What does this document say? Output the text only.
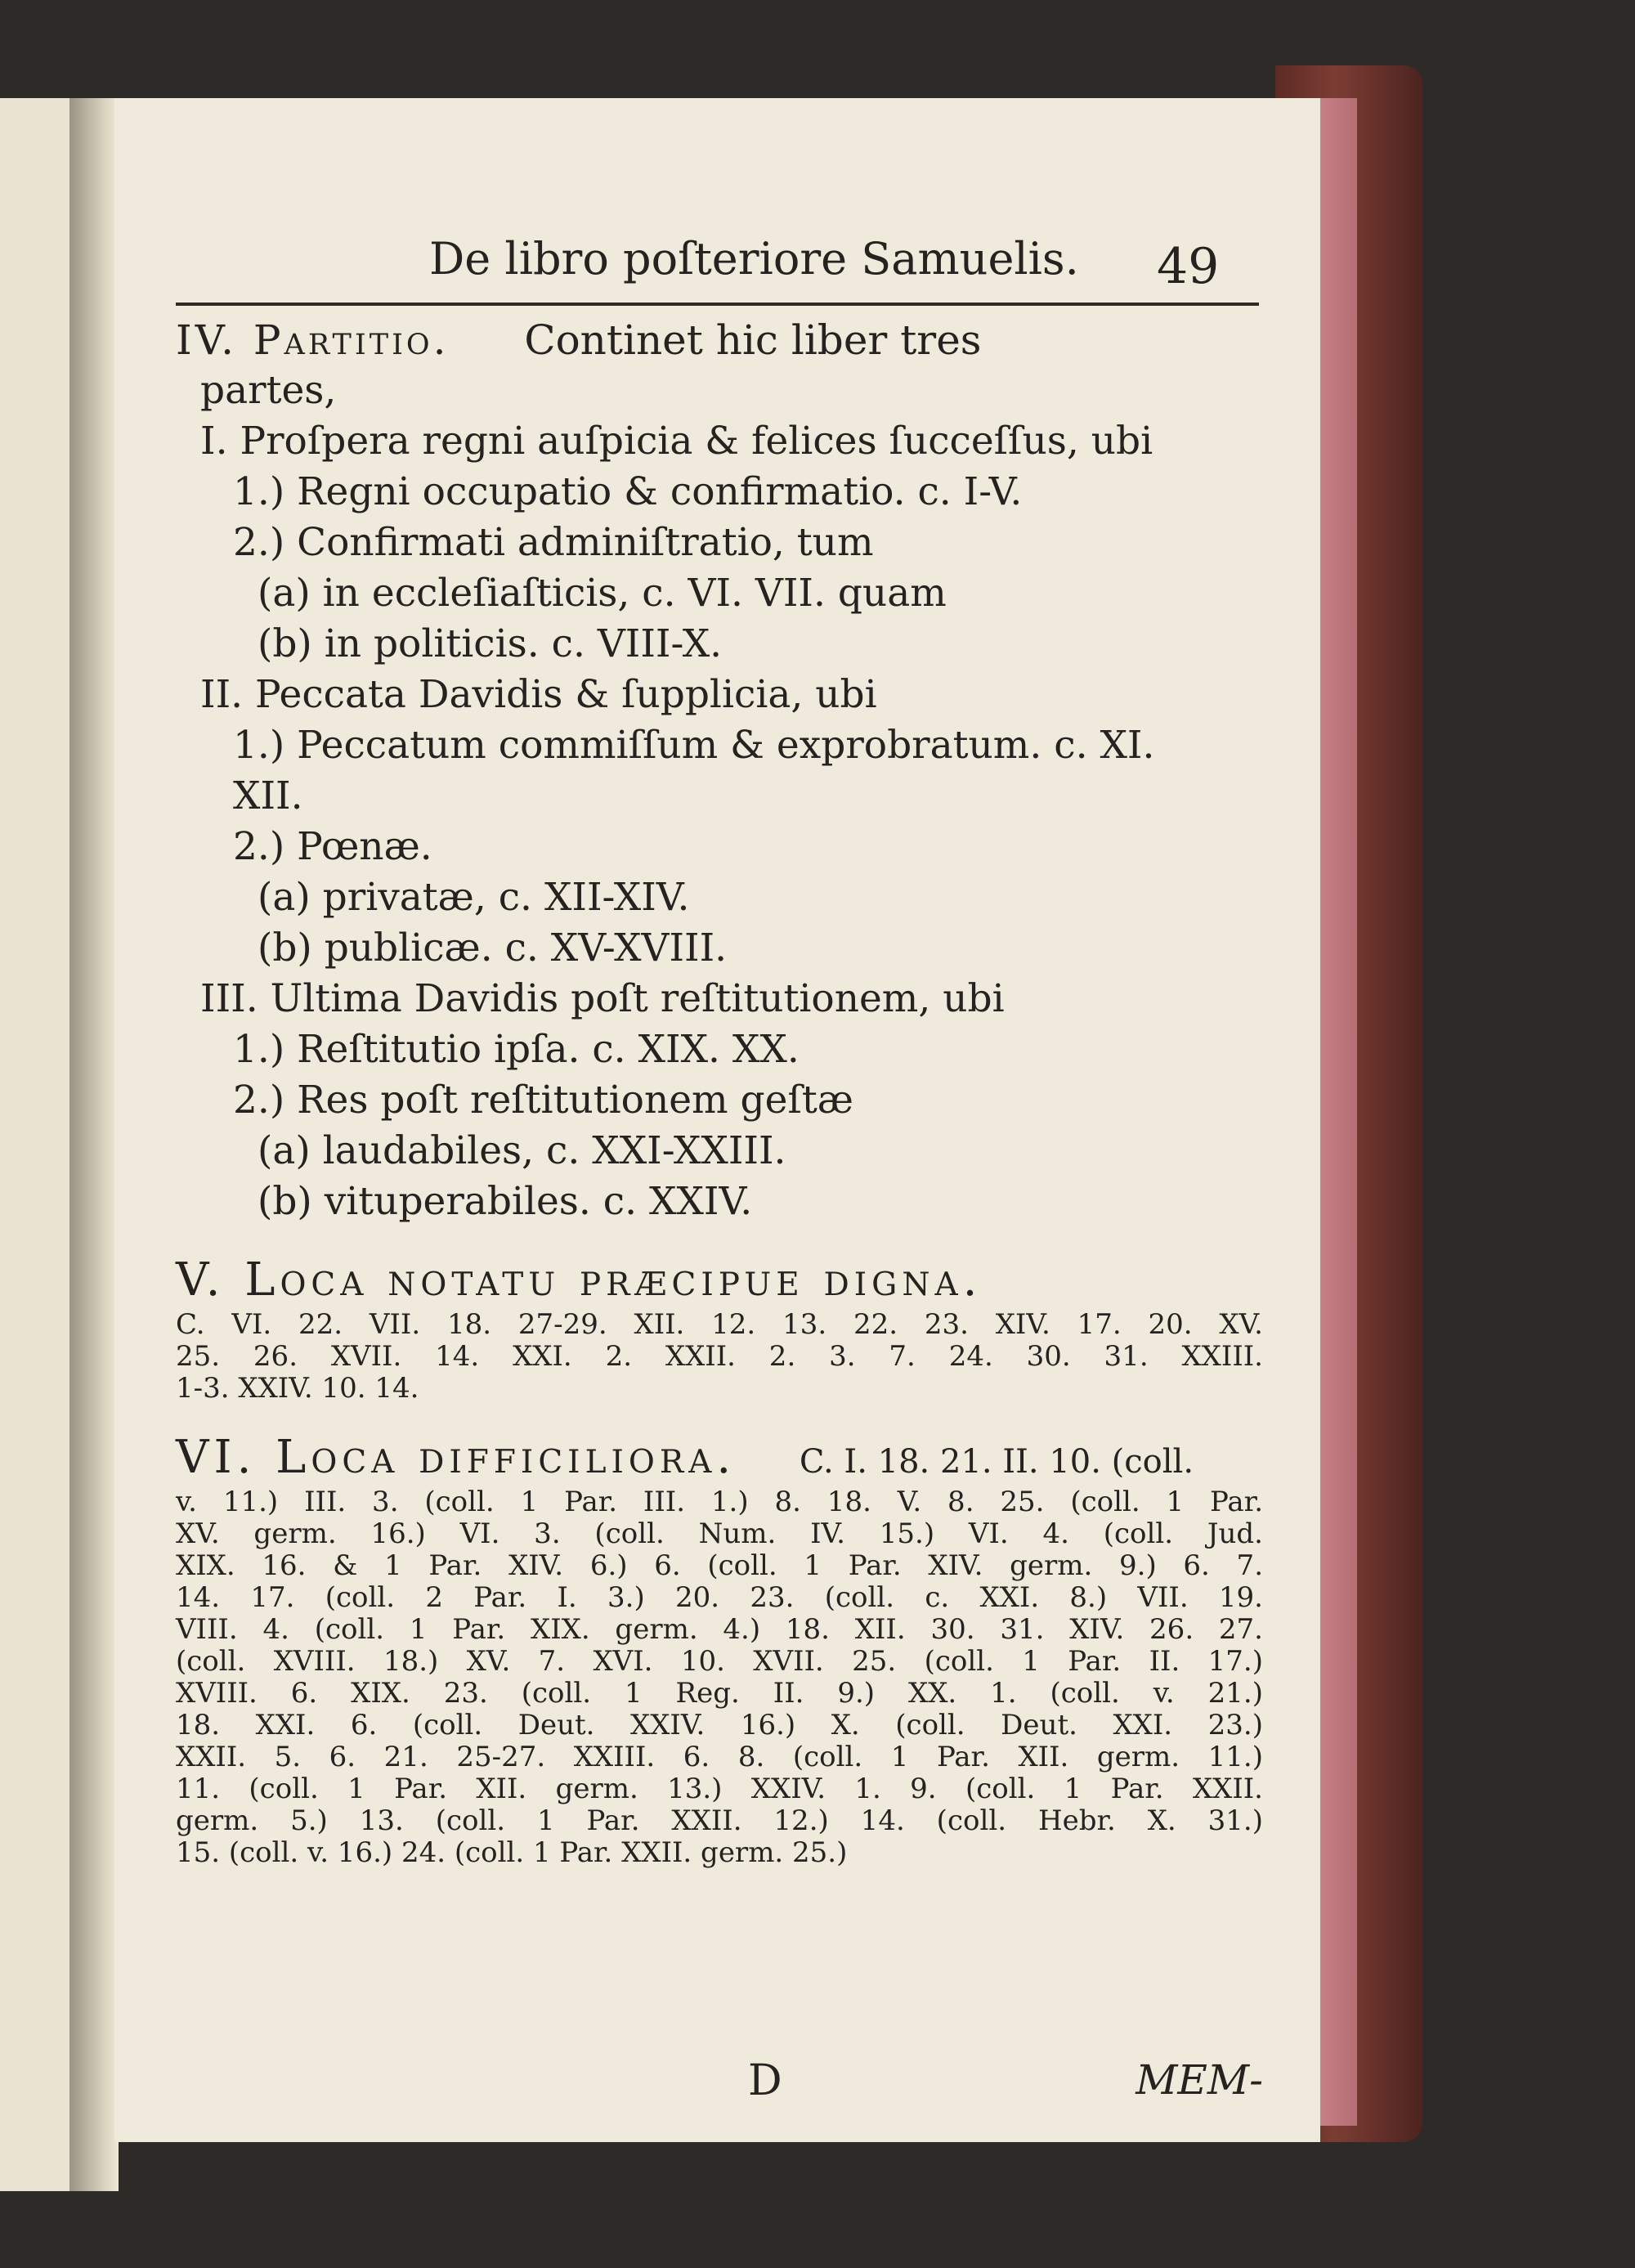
De libro poſteriore Samuelis. 49
IV. Partitio. Continet hic liber tres
partes,
I. Proſpera regni auſpicia & felices ſucceſſus, ubi
1.) Regni occupatio & confirmatio. c. I-V.
2.) Confirmati adminiſtratio, tum
(a) in eccleſiaſticis, c. VI. VII. quam
(b) in politicis. c. VIII-X.
II. Peccata Davidis & ſupplicia, ubi
1.) Peccatum commiſſum & exprobratum. c. XI.
XII.
2.) Pœnæ.
(a) privatæ, c. XII-XIV.
(b) publicæ. c. XV-XVIII.
III. Ultima Davidis poſt reſtitutionem, ubi
1.) Reſtitutio ipſa. c. XIX. XX.
2.) Res poſt reſtitutionem geſtæ
(a) laudabiles, c. XXI-XXIII.
(b) vituperabiles. c. XXIV.
V. Loca notatu præcipue digna.
C. VI. 22. VII. 18. 27-29. XII. 12. 13. 22. 23. XIV. 17. 20. XV.
25. 26. XVII. 14. XXI. 2. XXII. 2. 3. 7. 24. 30. 31. XXIII.
1-3. XXIV. 10. 14.
VI. Loca difficiliora. C. I. 18. 21. II. 10. (coll.
v. 11.) III. 3. (coll. 1 Par. III. 1.) 8. 18. V. 8. 25. (coll. 1 Par.
XV. germ. 16.) VI. 3. (coll. Num. IV. 15.) VI. 4. (coll. Jud.
XIX. 16. & 1 Par. XIV. 6.) 6. (coll. 1 Par. XIV. germ. 9.) 6. 7.
14. 17. (coll. 2 Par. I. 3.) 20. 23. (coll. c. XXI. 8.) VII. 19.
VIII. 4. (coll. 1 Par. XIX. germ. 4.) 18. XII. 30. 31. XIV. 26. 27.
(coll. XVIII. 18.) XV. 7. XVI. 10. XVII. 25. (coll. 1 Par. II. 17.)
XVIII. 6. XIX. 23. (coll. 1 Reg. II. 9.) XX. 1. (coll. v. 21.)
18. XXI. 6. (coll. Deut. XXIV. 16.) X. (coll. Deut. XXI. 23.)
XXII. 5. 6. 21. 25-27. XXIII. 6. 8. (coll. 1 Par. XII. germ. 11.)
11. (coll. 1 Par. XII. germ. 13.) XXIV. 1. 9. (coll. 1 Par. XXII.
germ. 5.) 13. (coll. 1 Par. XXII. 12.) 14. (coll. Hebr. X. 31.)
15. (coll. v. 16.) 24. (coll. 1 Par. XXII. germ. 25.)
D	MEM-
